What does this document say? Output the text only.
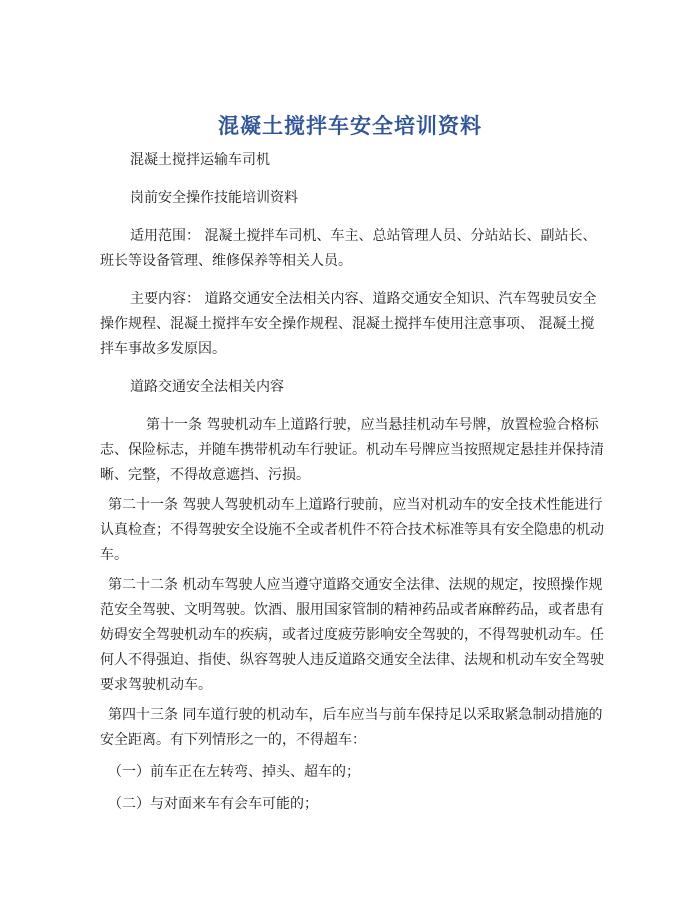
混凝土搅拌车安全培训资料

混凝土搅拌运输车司机

岗前安全操作技能培训资料

适用范围： 混凝土搅拌车司机、车主、总站管理人员、分站站长、副站长、

班长等设备管理、维修保养等相关人员。

主要内容： 道路交通安全法相关内容、道路交通安全知识、汽车驾驶员安全

操作规程、混凝土搅拌车安全操作规程、混凝土搅拌车使用注意事项、 混凝土搅

拌车事故多发原因。

道路交通安全法相关内容

第十一条 驾驶机动车上道路行驶，应当悬挂机动车号牌，放置检验合格标

志、保险标志，并随车携带机动车行驶证。机动车号牌应当按照规定悬挂并保持清

晰、完整，不得故意遮挡、污损。

第二十一条 驾驶人驾驶机动车上道路行驶前，应当对机动车的安全技术性能进行

认真检查；不得驾驶安全设施不全或者机件不符合技术标准等具有安全隐患的机动

车。

第二十二条 机动车驾驶人应当遵守道路交通安全法律、法规的规定，按照操作规

范安全驾驶、文明驾驶。饮酒、服用国家管制的精神药品或者麻醉药品，或者患有

妨碍安全驾驶机动车的疾病，或者过度疲劳影响安全驾驶的，不得驾驶机动车。任

何人不得强迫、指使、纵容驾驶人违反道路交通安全法律、法规和机动车安全驾驶

要求驾驶机动车。

第四十三条 同车道行驶的机动车，后车应当与前车保持足以采取紧急制动措施的

安全距离。有下列情形之一的，不得超车：

（一）前车正在左转弯、掉头、超车的；

（二）与对面来车有会车可能的；
